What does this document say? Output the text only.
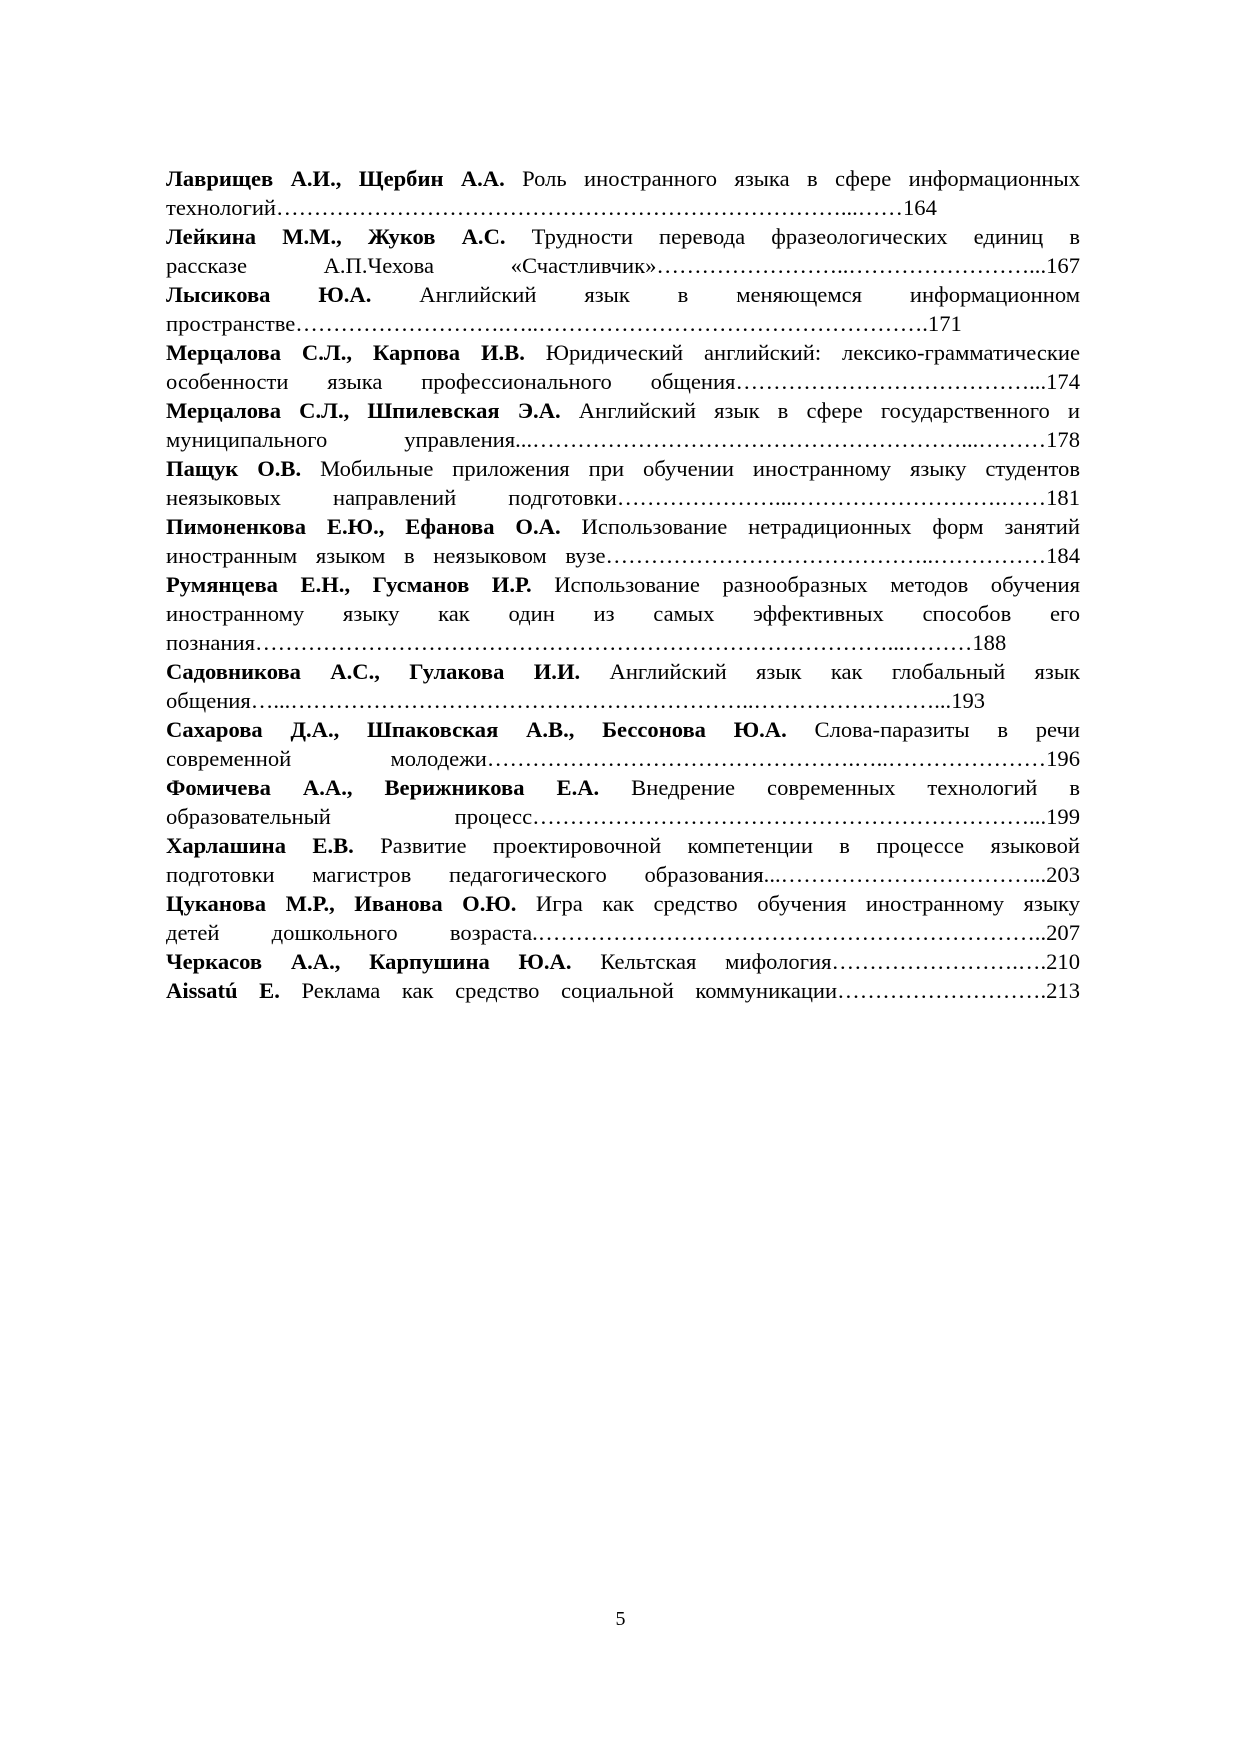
Лаврищев А.И., Щербин А.А. Роль иностранного языка в сфере информационных

технологий…………………………………………………………………...……164

Лейкина М.М., Жуков А.С. Трудности перевода фразеологических единиц в

рассказе А.П.Чехова «Счастливчик»……………………..……………………...167

Лысикова Ю.А. Английский язык в меняющемся информационном

пространстве……………………….…..…………………………………………….171

Мерцалова С.Л., Карпова И.В. Юридический английский: лексико-грамматические

особенности языка профессионального общения…………………………………...174

Мерцалова С.Л., Шпилевская Э.А. Английский язык в сфере государственного и

муниципального управления...…………………………………………………...………178

Пащук О.В. Мобильные приложения при обучении иностранному языку студентов

неязыковых направлений подготовки…………………...……………………….……181

Пимоненкова Е.Ю., Ефанова О.А. Использование нетрадиционных форм занятий

иностранным языком в неязыковом вузе……………………………………..……………184

Румянцева Е.Н., Гусманов И.Р. Использование разнообразных методов обучения

иностранному языку как один из самых эффективных способов его

познания…………………………………………………………………………...………188

Садовникова А.С., Гулакова И.И. Английский язык как глобальный язык

общения…...……………………………………………………..……………………...193

Сахарова Д.А., Шпаковская А.В., Бессонова Ю.А. Слова-паразиты в речи

современной молодежи………………………………………….…..…………………196

Фомичева А.А., Верижникова Е.А. Внедрение современных технологий в

образовательный процесс…………………………………………………………...199

Харлашина Е.В. Развитие проектировочной компетенции в процессе языковой

подготовки магистров педагогического образования...……………………………...203

Цуканова М.Р., Иванова О.Ю. Игра как средство обучения иностранному языку

детей дошкольного возраста.…………………………………………………………..207

Черкасов А.А., Карпушина Ю.А. Кельтская мифология…………………….….210

Aissatú E. Реклама как средство социальной коммуникации……………………….213

5
